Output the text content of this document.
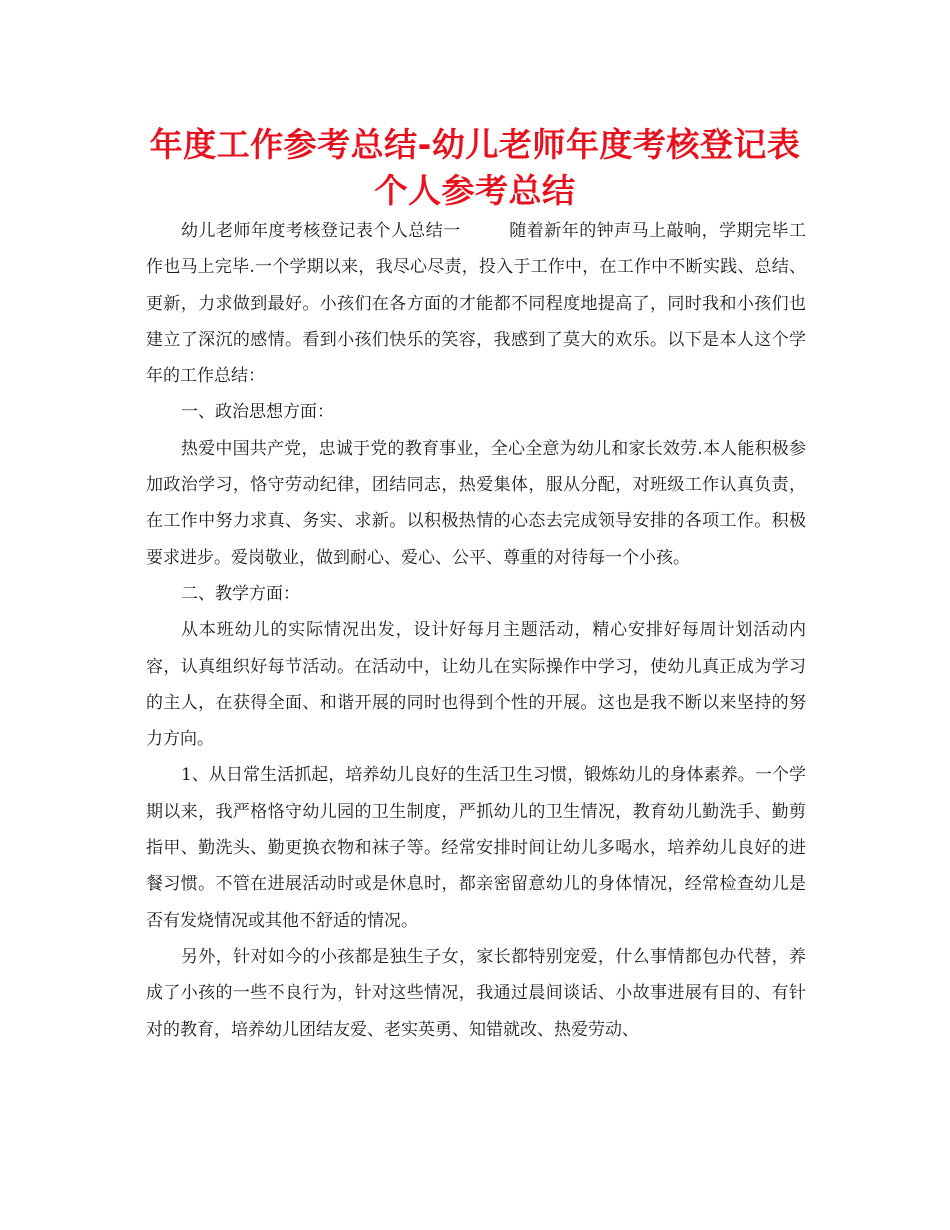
年度工作参考总结-幼儿老师年度考核登记表个人参考总结

幼儿老师年度考核登记表个人总结一	随着新年的钟声马上敲响，学期完毕工作也马上完毕.一个学期以来，我尽心尽责，投入于工作中，在工作中不断实践、总结、更新，力求做到最好。小孩们在各方面的才能都不同程度地提高了，同时我和小孩们也建立了深沉的感情。看到小孩们快乐的笑容，我感到了莫大的欢乐。以下是本人这个学年的工作总结：

一、政治思想方面：

热爱中国共产党，忠诚于党的教育事业，全心全意为幼儿和家长效劳.本人能积极参加政治学习，恪守劳动纪律，团结同志，热爱集体，服从分配，对班级工作认真负责，在工作中努力求真、务实、求新。以积极热情的心态去完成领导安排的各项工作。积极要求进步。爱岗敬业，做到耐心、爱心、公平、尊重的对待每一个小孩。

二、教学方面：

从本班幼儿的实际情况出发，设计好每月主题活动，精心安排好每周计划活动内容，认真组织好每节活动。在活动中，让幼儿在实际操作中学习，使幼儿真正成为学习的主人，在获得全面、和谐开展的同时也得到个性的开展。这也是我不断以来坚持的努力方向。

1、从日常生活抓起，培养幼儿良好的生活卫生习惯，锻炼幼儿的身体素养。一个学期以来，我严格恪守幼儿园的卫生制度，严抓幼儿的卫生情况，教育幼儿勤洗手、勤剪指甲、勤洗头、勤更换衣物和袜子等。经常安排时间让幼儿多喝水，培养幼儿良好的进餐习惯。不管在进展活动时或是休息时，都亲密留意幼儿的身体情况，经常检查幼儿是否有发烧情况或其他不舒适的情况。

另外，针对如今的小孩都是独生子女，家长都特别宠爱，什么事情都包办代替，养成了小孩的一些不良行为，针对这些情况，我通过晨间谈话、小故事进展有目的、有针对的教育，培养幼儿团结友爱、老实英勇、知错就改、热爱劳动、
